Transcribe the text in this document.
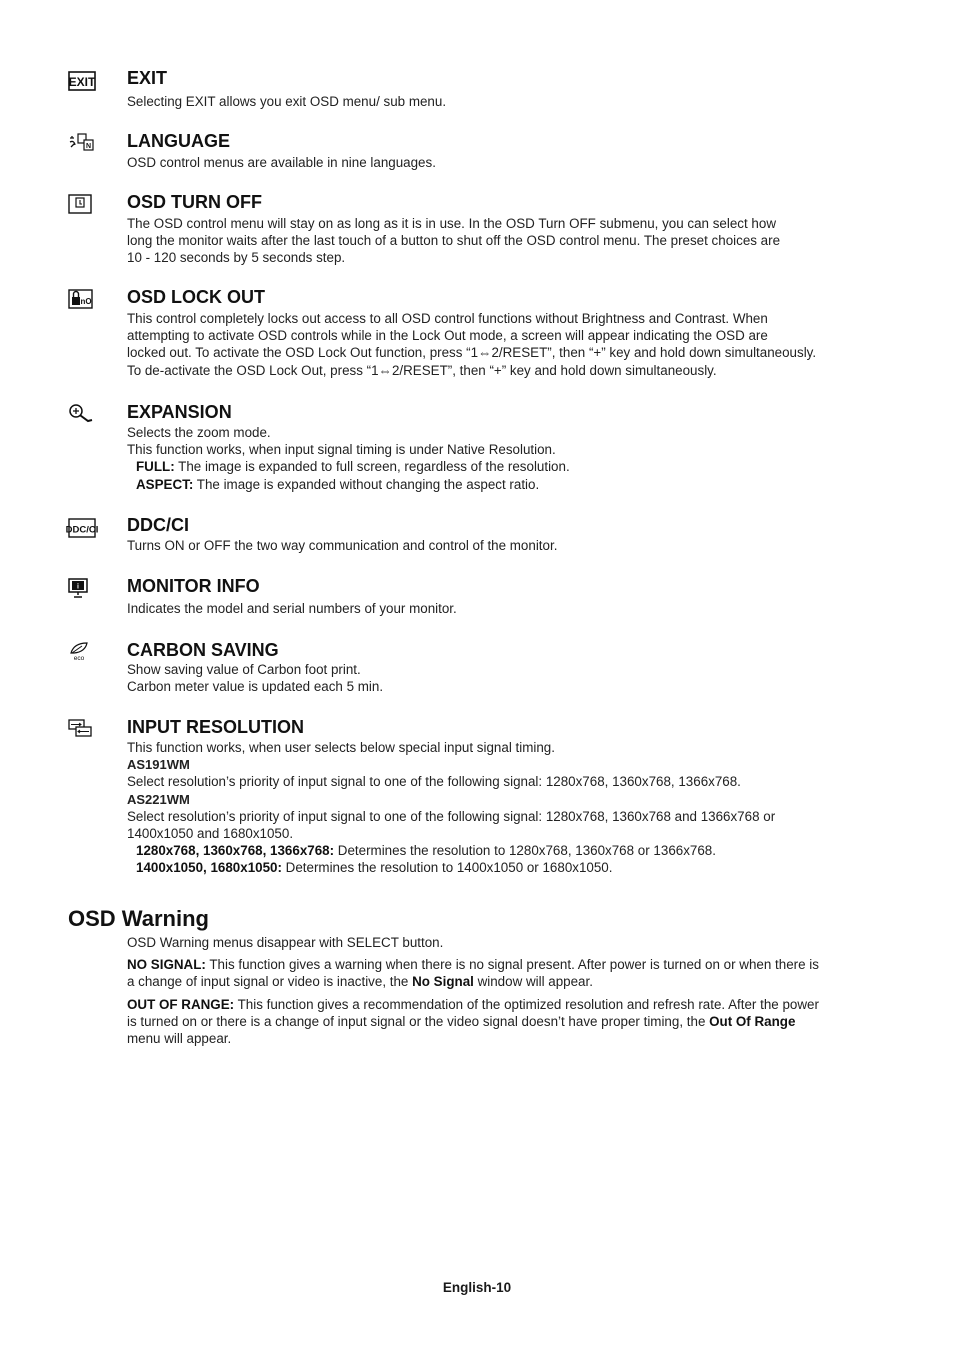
EXIT EXIT

Selecting EXIT allows you exit OSD menu/ sub menu.

N LANGUAGE

OSD control menus are available in nine languages.

OSD TURN OFF

The OSD control menu will stay on as long as it is in use. In the OSD Turn OFF submenu, you can select how

long the monitor waits after the last touch of a button to shut off the OSD control menu. The preset choices are

10 - 120 seconds by 5 seconds step.

nO OSD LOCK OUT

This control completely locks out access to all OSD control functions without Brightness and Contrast. When

attempting to activate OSD controls while in the Lock Out mode, a screen will appear indicating the OSD are

locked out. To activate the OSD Lock Out function, press “1⇔2/RESET”, then “+” key and hold down simultaneously.

To de-activate the OSD Lock Out, press “1⇔2/RESET”, then “+” key and hold down simultaneously.

EXPANSION

Selects the zoom mode.

This function works, when input signal timing is under Native Resolution.

FULL: The image is expanded to full screen, regardless of the resolution.

ASPECT: The image is expanded without changing the aspect ratio.

DDC/CI DDC/CI

Turns ON or OFF the two way communication and control of the monitor.

i	MONITOR INFO

Indicates the model and serial numbers of your monitor.

eco CARBON SAVING

Show saving value of Carbon foot print.

Carbon meter value is updated each 5 min.

INPUT RESOLUTION

This function works, when user selects below special input signal timing.

AS191WM

Select resolution’s priority of input signal to one of the following signal: 1280x768, 1360x768, 1366x768.

AS221WM

Select resolution’s priority of input signal to one of the following signal: 1280x768, 1360x768 and 1366x768 or

1400x1050 and 1680x1050.

1280x768, 1360x768, 1366x768: Determines the resolution to 1280x768, 1360x768 or 1366x768.

1400x1050, 1680x1050: Determines the resolution to 1400x1050 or 1680x1050.

OSD Warning

OSD Warning menus disappear with SELECT button.

NO SIGNAL: This function gives a warning when there is no signal present. After power is turned on or when there is

a change of input signal or video is inactive, the No Signal window will appear.

OUT OF RANGE: This function gives a recommendation of the optimized resolution and refresh rate. After the power

is turned on or there is a change of input signal or the video signal doesn’t have proper timing, the Out Of Range

menu will appear.

English-10
